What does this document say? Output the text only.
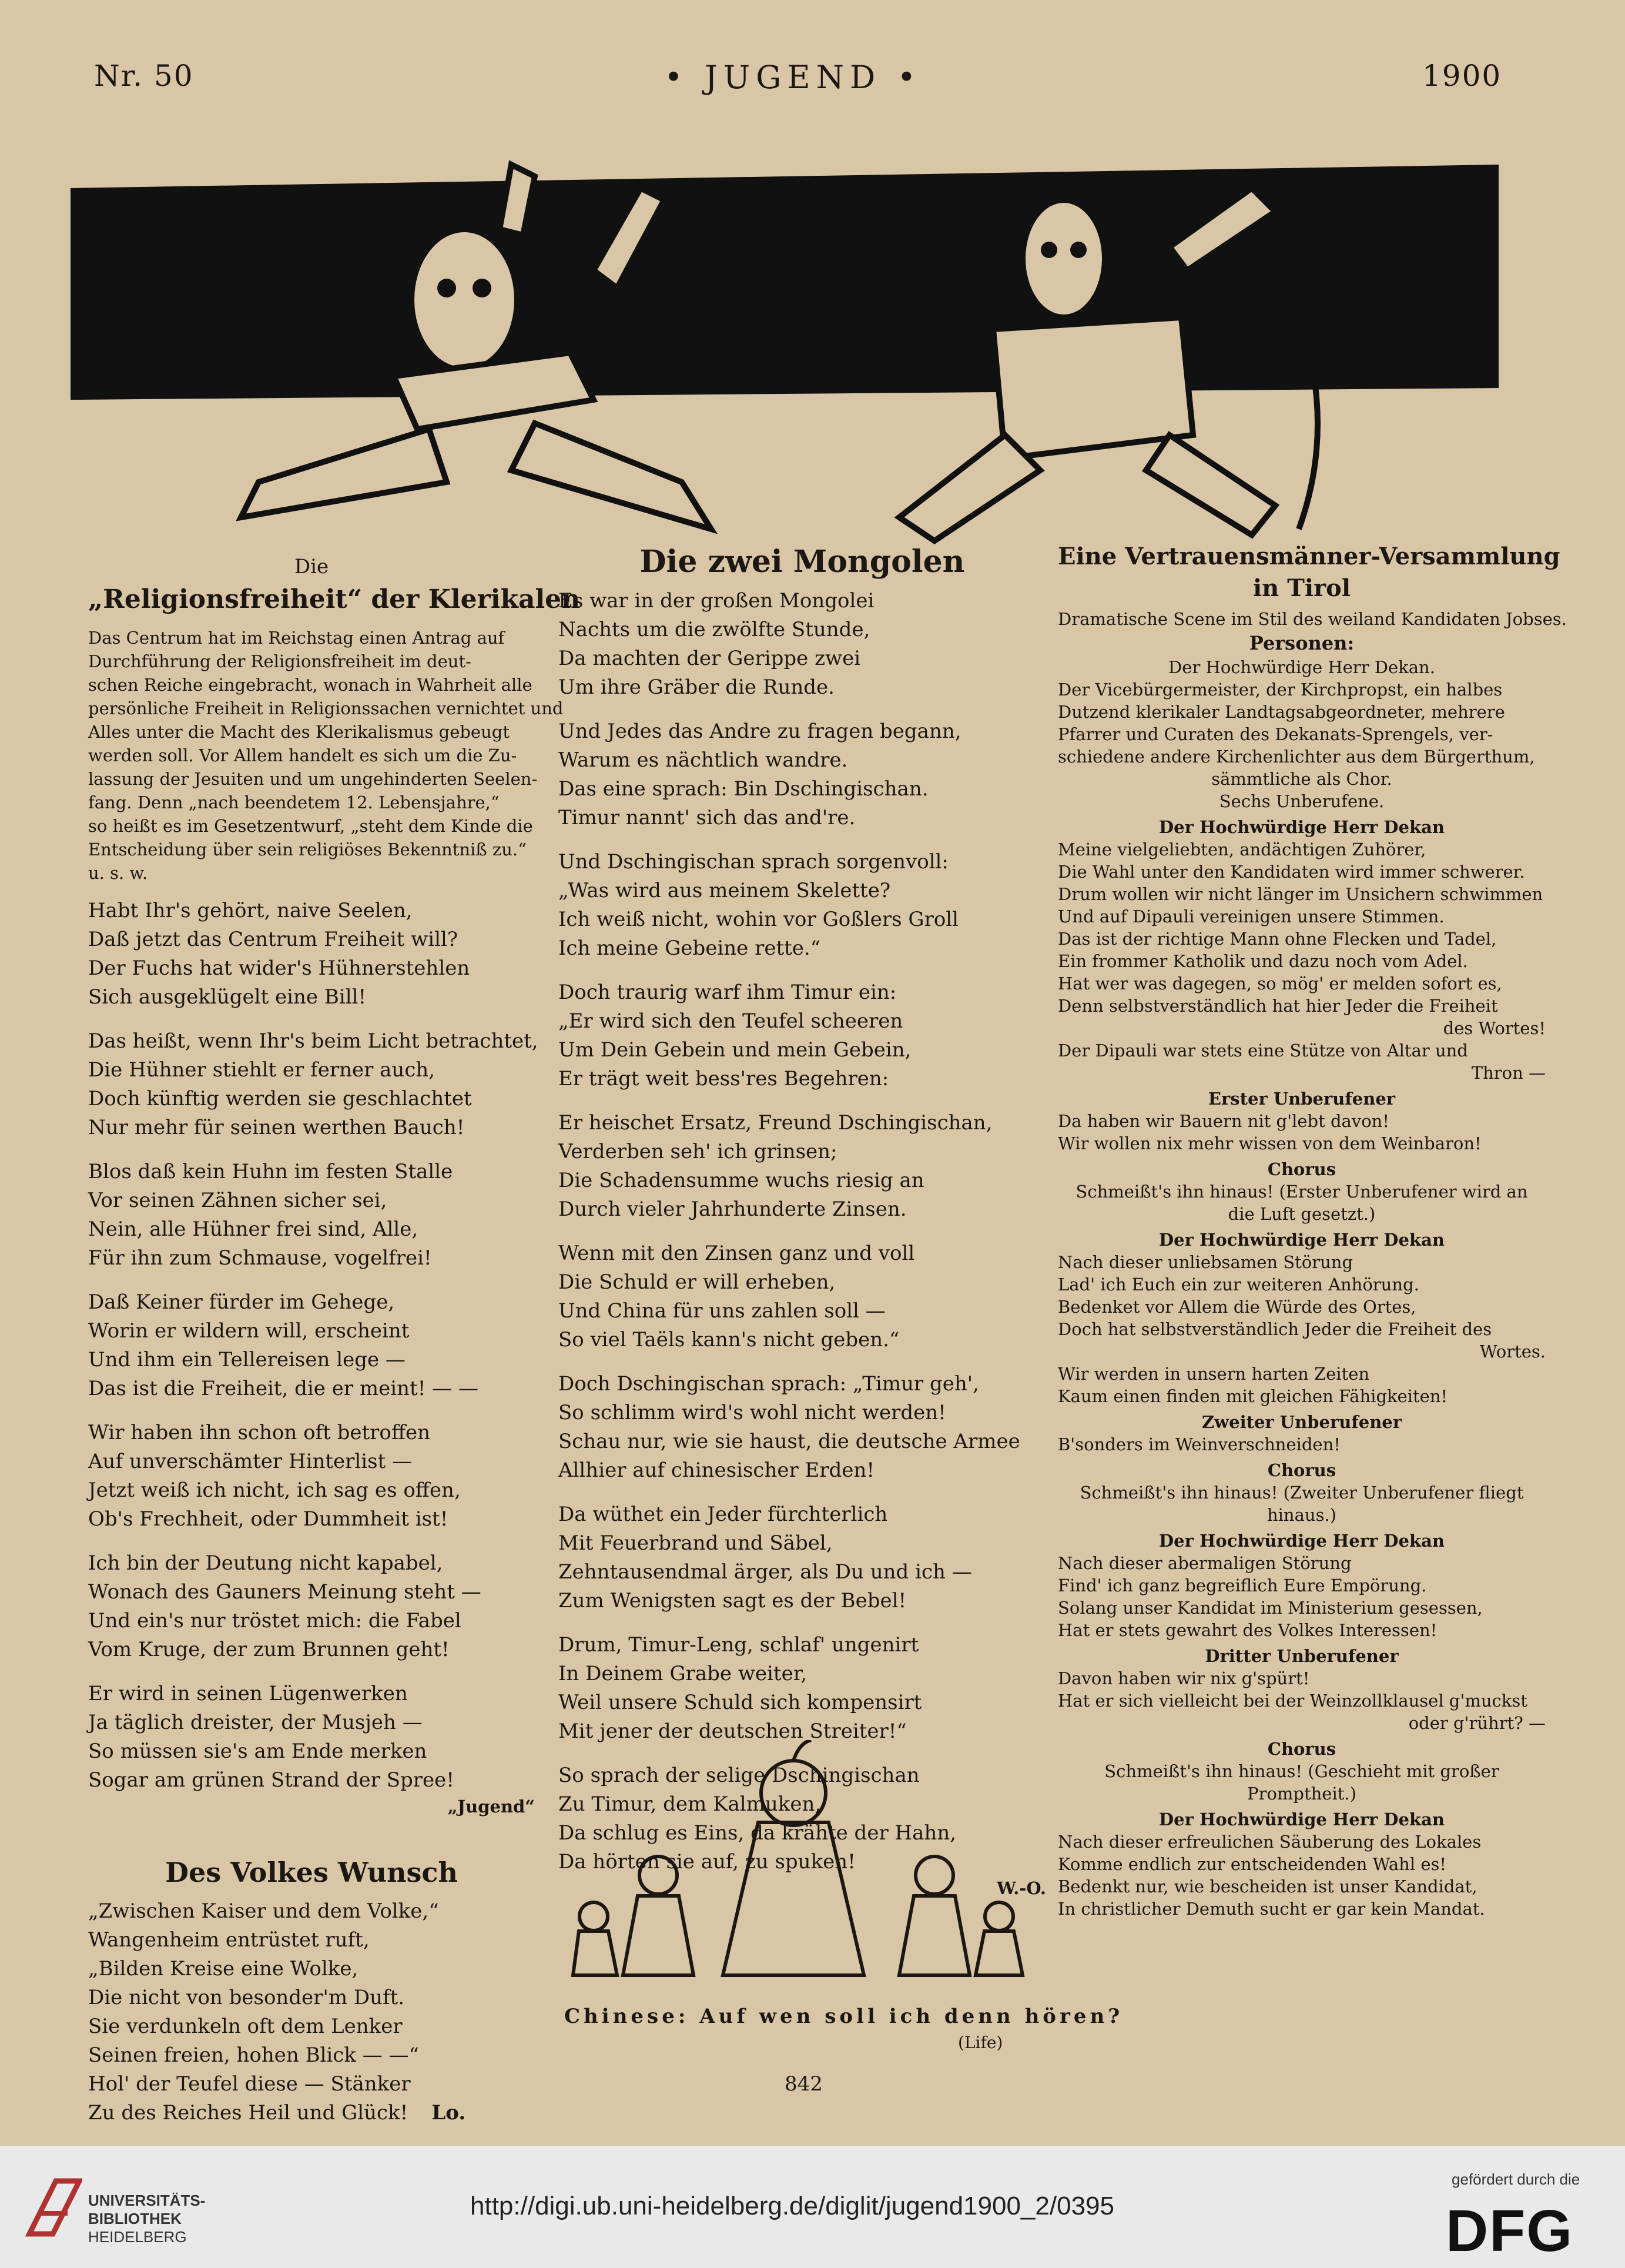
Nr. 50	• JUGEND •	1900

Die

„Religionsfreiheit“ der Klerikalen

Das Centrum hat im Reichstag einen Antrag auf

Durchführung der Religionsfreiheit im deut-

schen Reiche eingebracht, wonach in Wahrheit alle

persönliche Freiheit in Religionssachen vernichtet und

Alles unter die Macht des Klerikalismus gebeugt

werden soll. Vor Allem handelt es sich um die Zu-

lassung der Jesuiten und um ungehinderten Seelen-

fang. Denn „nach beendetem 12. Lebensjahre,“

so heißt es im Gesetzentwurf, „steht dem Kinde die

Entscheidung über sein religiöses Bekenntniß zu.“

u. s. w.

Habt Ihr's gehört, naive Seelen,

Daß jetzt das Centrum Freiheit will?

Der Fuchs hat wider's Hühnerstehlen

Sich ausgeklügelt eine Bill!

Das heißt, wenn Ihr's beim Licht betrachtet,

Die Hühner stiehlt er ferner auch,

Doch künftig werden sie geschlachtet

Nur mehr für seinen werthen Bauch!

Blos daß kein Huhn im festen Stalle

Vor seinen Zähnen sicher sei,

Nein, alle Hühner frei sind, Alle,

Für ihn zum Schmause, vogelfrei!

Daß Keiner fürder im Gehege,

Worin er wildern will, erscheint

Und ihm ein Tellereisen lege —

Das ist die Freiheit, die er meint! — —

Wir haben ihn schon oft betroffen

Auf unverschämter Hinterlist —

Jetzt weiß ich nicht, ich sag es offen,

Ob's Frechheit, oder Dummheit ist!

Ich bin der Deutung nicht kapabel,

Wonach des Gauners Meinung steht —

Und ein's nur tröstet mich: die Fabel

Vom Kruge, der zum Brunnen geht!

Er wird in seinen Lügenwerken

Ja täglich dreister, der Musjeh —

So müssen sie's am Ende merken

Sogar am grünen Strand der Spree!

„Jugend“

Des Volkes Wunsch

„Zwischen Kaiser und dem Volke,“

Wangenheim entrüstet ruft,

„Bilden Kreise eine Wolke,

Die nicht von besonder'm Duft.

Sie verdunkeln oft dem Lenker

Seinen freien, hohen Blick — —“

Hol' der Teufel diese — Stänker

Zu des Reiches Heil und Glück! Lo.

Die zwei Mongolen

Es war in der großen Mongolei

Nachts um die zwölfte Stunde,

Da machten der Gerippe zwei

Um ihre Gräber die Runde.

Und Jedes das Andre zu fragen begann,

Warum es nächtlich wandre.

Das eine sprach: Bin Dschingischan.

Timur nannt' sich das and're.

Und Dschingischan sprach sorgenvoll:

„Was wird aus meinem Skelette?

Ich weiß nicht, wohin vor Goßlers Groll

Ich meine Gebeine rette.“

Doch traurig warf ihm Timur ein:

„Er wird sich den Teufel scheeren

Um Dein Gebein und mein Gebein,

Er trägt weit bess'res Begehren:

Er heischet Ersatz, Freund Dschingischan,

Verderben seh' ich grinsen;

Die Schadensumme wuchs riesig an

Durch vieler Jahrhunderte Zinsen.

Wenn mit den Zinsen ganz und voll

Die Schuld er will erheben,

Und China für uns zahlen soll —

So viel Taëls kann's nicht geben.“

Doch Dschingischan sprach: „Timur geh',

So schlimm wird's wohl nicht werden!

Schau nur, wie sie haust, die deutsche Armee

Allhier auf chinesischer Erden!

Da wüthet ein Jeder fürchterlich

Mit Feuerbrand und Säbel,

Zehntausendmal ärger, als Du und ich —

Zum Wenigsten sagt es der Bebel!

Drum, Timur-Leng, schlaf' ungenirt

In Deinem Grabe weiter,

Weil unsere Schuld sich kompensirt

Mit jener der deutschen Streiter!“

So sprach der selige Dschingischan

Zu Timur, dem Kalmuken,

Da schlug es Eins, da krähte der Hahn,

Da hörten sie auf, zu spuken!

W.-O.

Chinese: Auf wen soll ich denn hören?

(Life)

Eine Vertrauensmänner-Versammlung

in Tirol

Dramatische Scene im Stil des weiland Kandidaten Jobses.

Personen:

Der Hochwürdige Herr Dekan.

Der Vicebürgermeister, der Kirchpropst, ein halbes

Dutzend klerikaler Landtagsabgeordneter, mehrere

Pfarrer und Curaten des Dekanats-Sprengels, ver-

schiedene andere Kirchenlichter aus dem Bürgerthum,

sämmtliche als Chor.

Sechs Unberufene.

Der Hochwürdige Herr Dekan

Meine vielgeliebten, andächtigen Zuhörer,

Die Wahl unter den Kandidaten wird immer schwerer.

Drum wollen wir nicht länger im Unsichern schwimmen

Und auf Dipauli vereinigen unsere Stimmen.

Das ist der richtige Mann ohne Flecken und Tadel,

Ein frommer Katholik und dazu noch vom Adel.

Hat wer was dagegen, so mög' er melden sofort es,

Denn selbstverständlich hat hier Jeder die Freiheit

des Wortes!

Der Dipauli war stets eine Stütze von Altar und

Thron —

Erster Unberufener

Da haben wir Bauern nit g'lebt davon!

Wir wollen nix mehr wissen von dem Weinbaron!

Chorus

Schmeißt's ihn hinaus! (Erster Unberufener wird an

die Luft gesetzt.)

Der Hochwürdige Herr Dekan

Nach dieser unliebsamen Störung

Lad' ich Euch ein zur weiteren Anhörung.

Bedenket vor Allem die Würde des Ortes,

Doch hat selbstverständlich Jeder die Freiheit des

Wortes.

Wir werden in unsern harten Zeiten

Kaum einen finden mit gleichen Fähigkeiten!

Zweiter Unberufener

B'sonders im Weinverschneiden!

Chorus

Schmeißt's ihn hinaus! (Zweiter Unberufener fliegt

hinaus.)

Der Hochwürdige Herr Dekan

Nach dieser abermaligen Störung

Find' ich ganz begreiflich Eure Empörung.

Solang unser Kandidat im Ministerium gesessen,

Hat er stets gewahrt des Volkes Interessen!

Dritter Unberufener

Davon haben wir nix g'spürt!

Hat er sich vielleicht bei der Weinzollklausel g'muckst

oder g'rührt? —

Chorus

Schmeißt's ihn hinaus! (Geschieht mit großer

Promptheit.)

Der Hochwürdige Herr Dekan

Nach dieser erfreulichen Säuberung des Lokales

Komme endlich zur entscheidenden Wahl es!

Bedenkt nur, wie bescheiden ist unser Kandidat,

In christlicher Demuth sucht er gar kein Mandat.

842

UNIVERSITÄTS-
BIBLIOTHEK
HEIDELBERG
http://digi.ub.uni-heidelberg.de/diglit/jugend1900_2/0395
gefördert durch die
DFG
